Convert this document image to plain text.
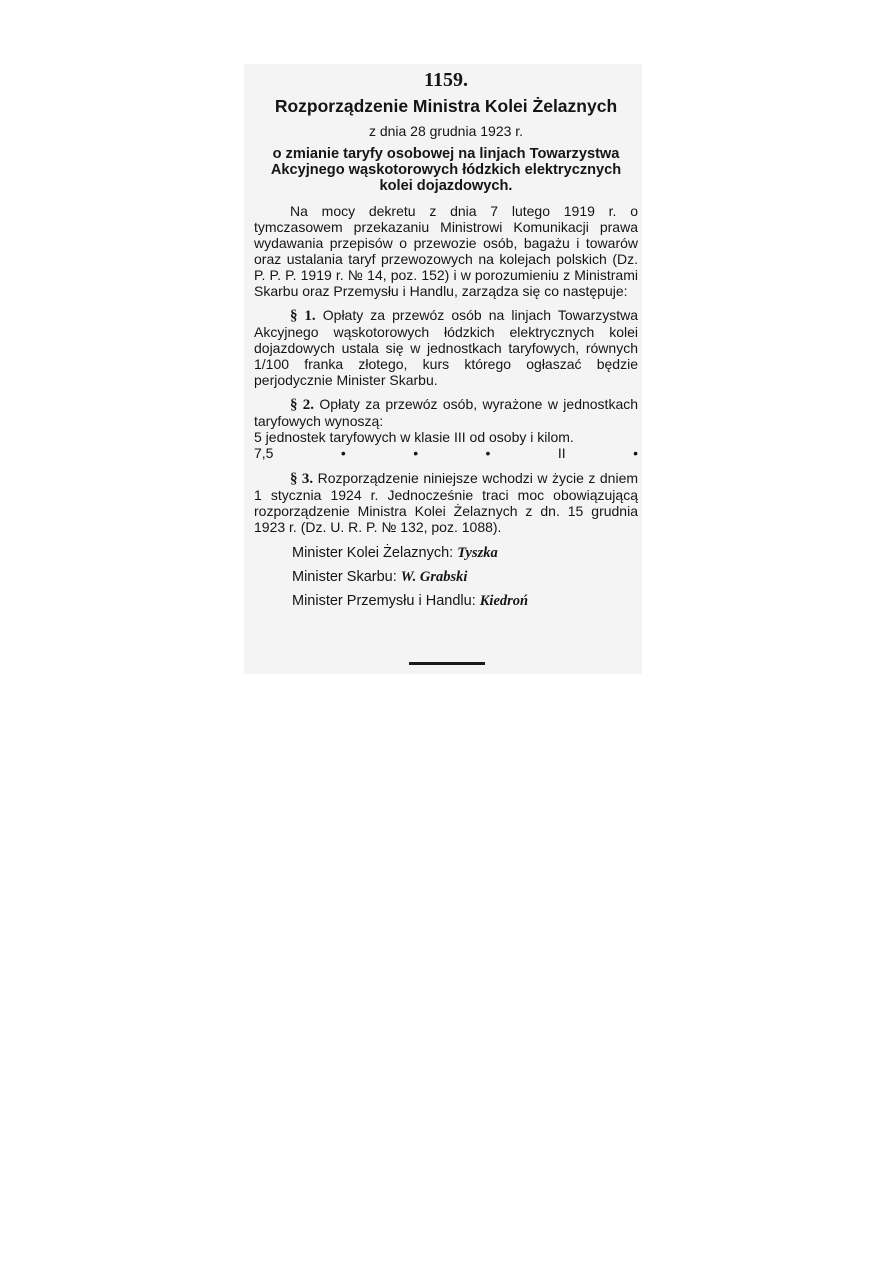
1159.

Rozporządzenie Ministra Kolei Żelaznych

z dnia 28 grudnia 1923 r.

o zmianie taryfy osobowej na linjach Towarzystwa Akcyjnego wąskotorowych łódzkich elektrycznych kolei dojazdowych.

Na mocy dekretu z dnia 7 lutego 1919 r. o tymczasowem przekazaniu Ministrowi Komunikacji prawa wydawania przepisów o przewozie osób, bagażu i towarów oraz ustalania taryf przewozowych na kolejach polskich (Dz. P. P. P. 1919 r. № 14, poz. 152) i w porozumieniu z Ministrami Skarbu oraz Przemysłu i Handlu, zarządza się co następuje:

§ 1. Opłaty za przewóz osób na linjach Towarzystwa Akcyjnego wąskotorowych łódzkich elektrycznych kolei dojazdowych ustala się w jednostkach taryfowych, równych 1/100 franka złotego, kurs którego ogłaszać będzie perjodycznie Minister Skarbu.

§ 2. Opłaty za przewóz osób, wyrażone w jednostkach taryfowych wynoszą:

5 jednostek taryfowych w klasie III od osoby i kilom.

7,5	•	•	•	II	•

§ 3. Rozporządzenie niniejsze wchodzi w życie z dniem 1 stycznia 1924 r. Jednocześnie traci moc obowiązującą rozporządzenie Ministra Kolei Żelaznych z dn. 15 grudnia 1923 r. (Dz. U. R. P. № 132, poz. 1088).

Minister Kolei Żelaznych: Tyszka

Minister Skarbu: W. Grabski

Minister Przemysłu i Handlu: Kiedroń
